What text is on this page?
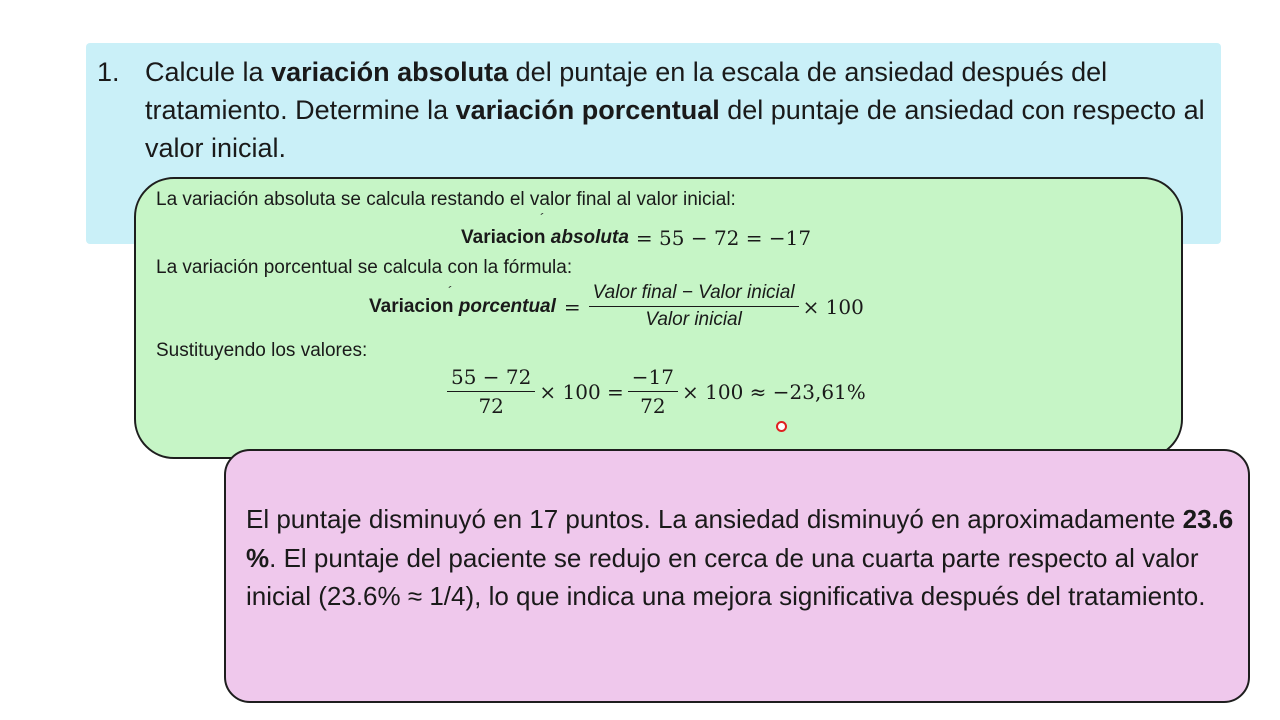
1. Calcule la variación absoluta del puntaje en la escala de ansiedad después del tratamiento. Determine la variación porcentual del puntaje de ansiedad con respecto al valor inicial.
La variación absoluta se calcula restando el valor final al valor inicial:
´
Variacion absoluta = 55 − 72 = −17
La variación porcentual se calcula con la fórmula:
´
Variacion porcentual = $\frac{\text{Valor final − Valor inicial}}{\text{Valor inicial}} \times 100$
Sustituyendo los valores:
$\frac{55 - 72}{72} \times 100 = \frac{-17}{72} \times 100 \approx -23,61\%$
El puntaje disminuyó en 17 puntos. La ansiedad disminuyó en aproximadamente 23.6 %. El puntaje del paciente se redujo en cerca de una cuarta parte respecto al valor inicial (23.6% ≈ 1/4), lo que indica una mejora significativa después del tratamiento.
